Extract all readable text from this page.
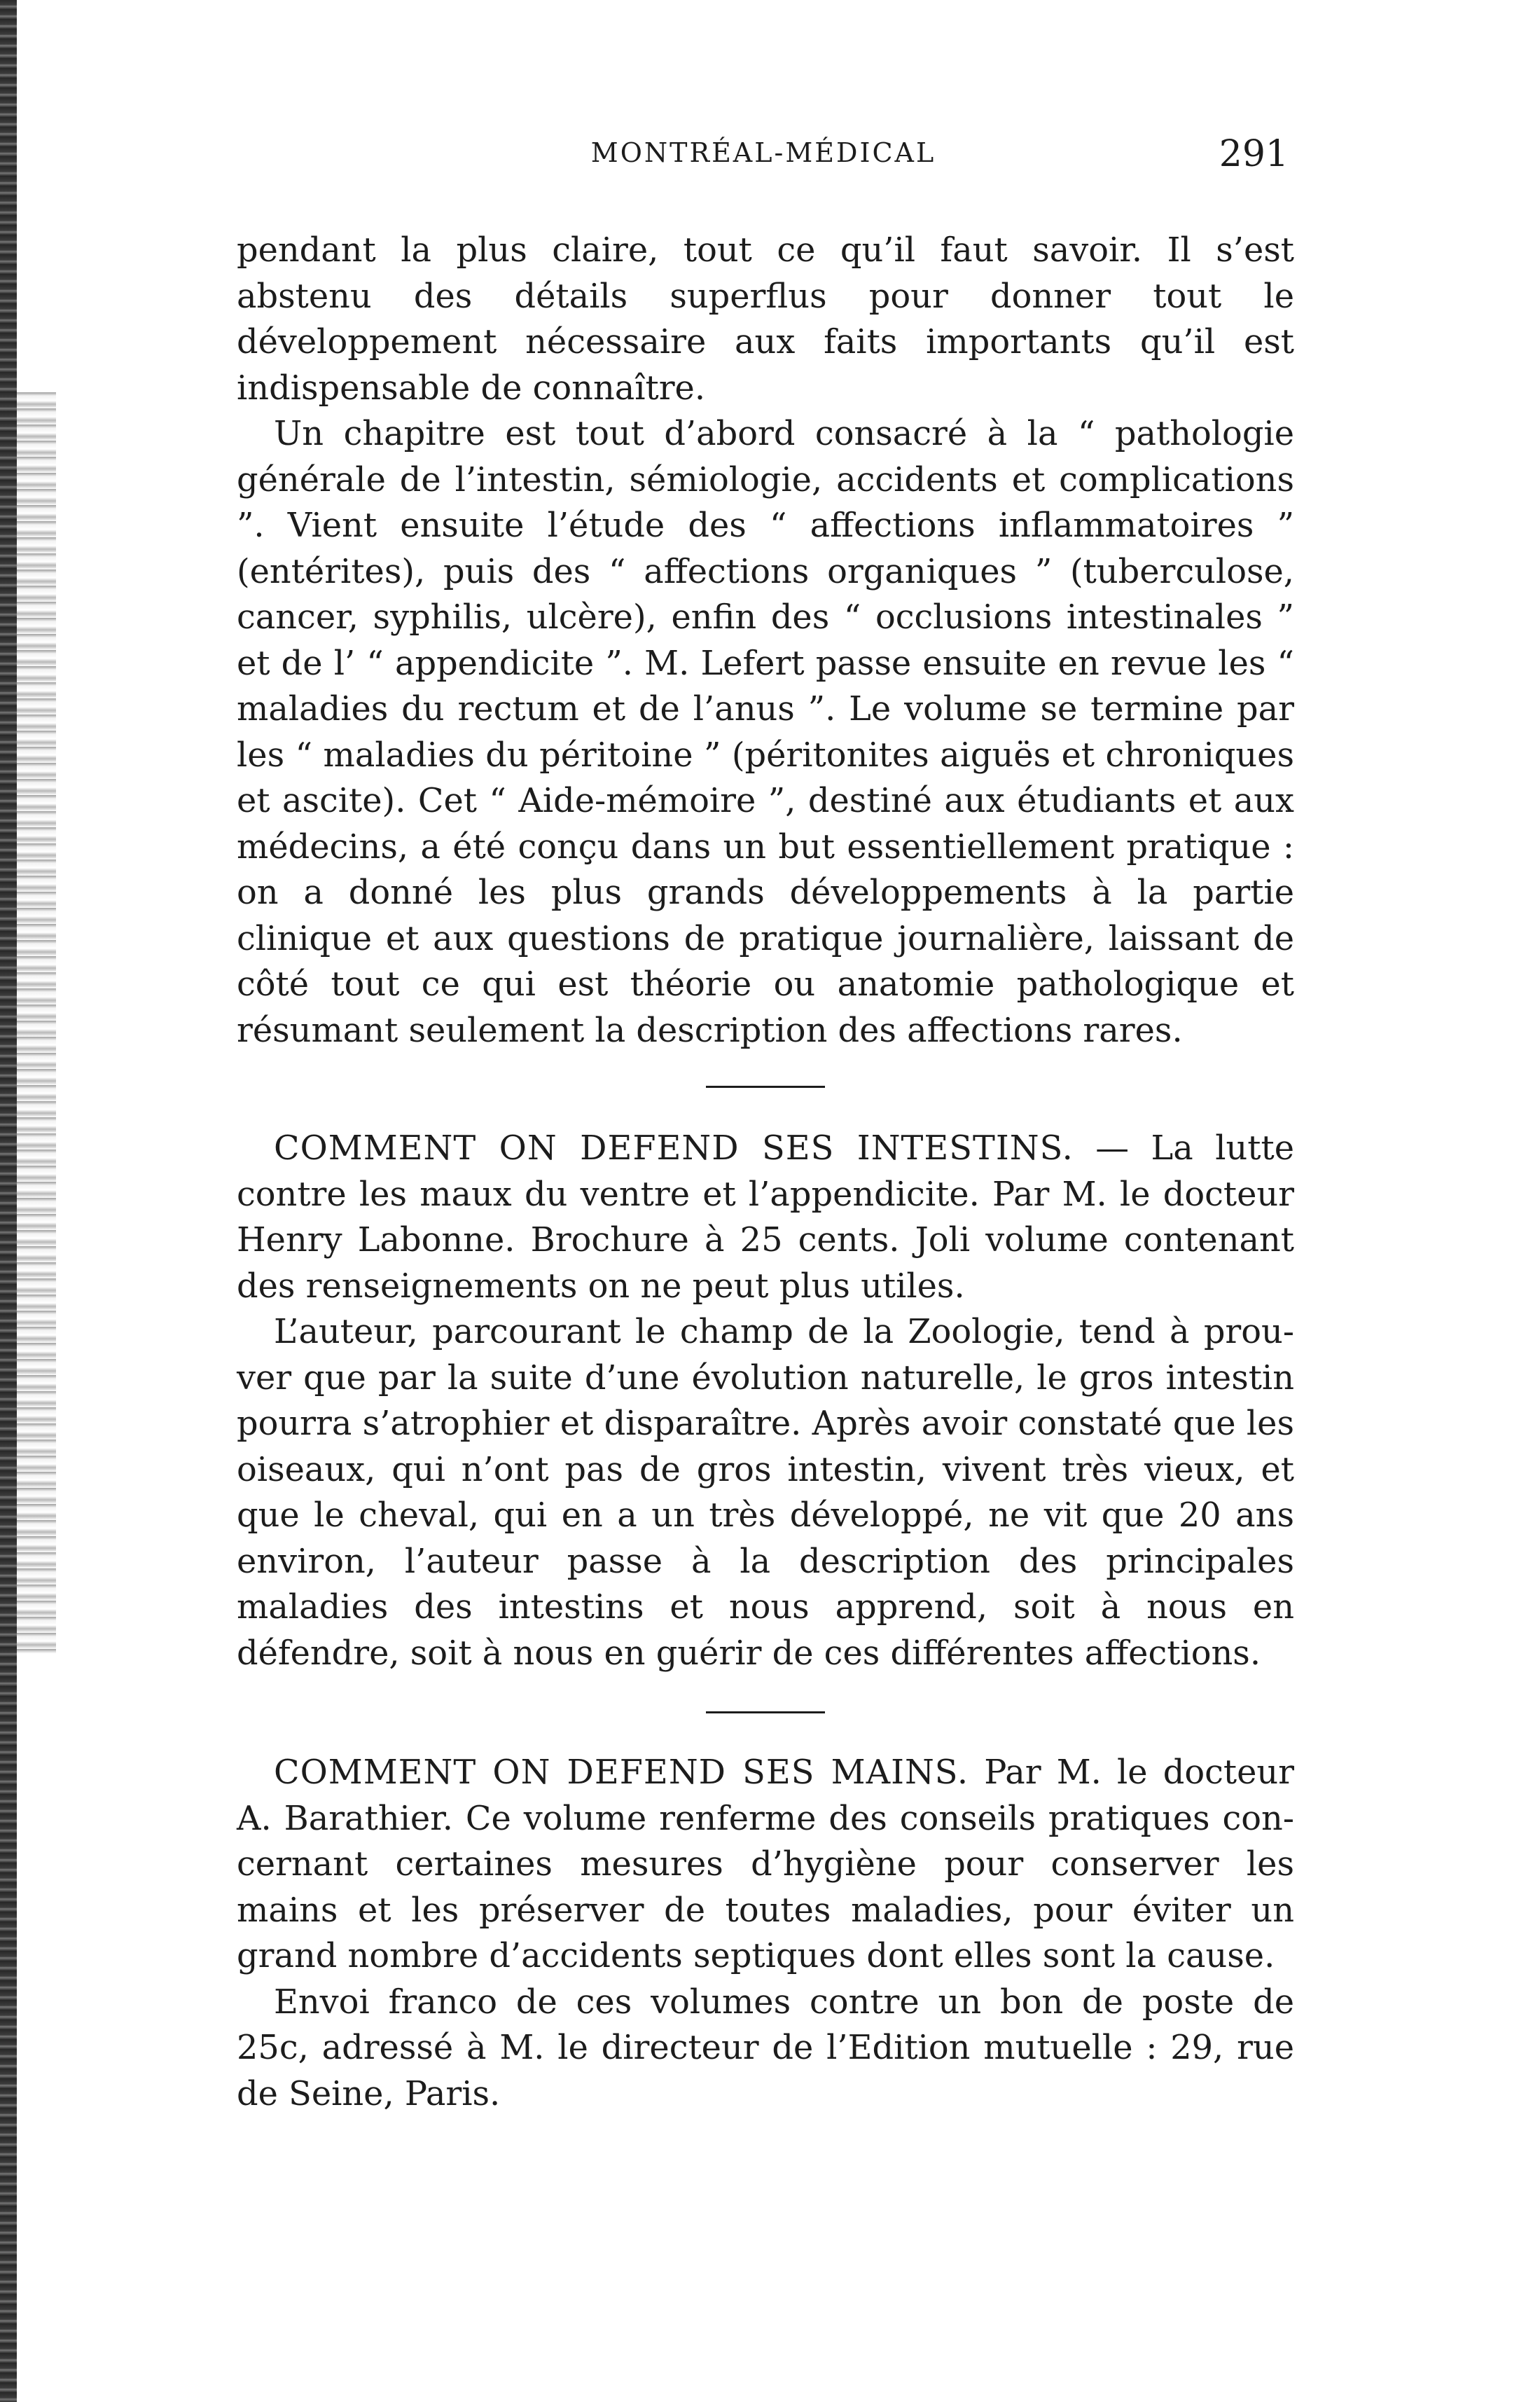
MONTRÉAL-MÉDICAL	291

pendant la plus claire, tout ce qu’il faut savoir. Il s’est abstenu des détails superflus pour donner tout le développement nécessaire aux faits importants qu’il est indispensable de connaître.

Un chapitre est tout d’abord consacré à la “ pathologie générale de l’intestin, sémiologie, accidents et complications ”. Vient ensuite l’étude des “ affections inflammatoires ” (entérites), puis des “ affections organiques ” (tuberculose, cancer, syphilis, ulcère), enfin des “ occlusions intestinales ” et de l’ “ appendicite ”. M. Lefert passe ensuite en revue les “ maladies du rectum et de l’anus ”. Le volume se termine par les “ maladies du péritoine ” (péritonites aiguës et chroniques et ascite). Cet “ Aide-mémoire ”, destiné aux étudiants et aux médecins, a été conçu dans un but essentiellement pratique : on a donné les plus grands développements à la partie clinique et aux questions de pratique journalière, laissant de côté tout ce qui est théorie ou anatomie pathologique et résumant seulement la description des affections rares.

COMMENT ON DEFEND SES INTESTINS. — La lutte contre les maux du ventre et l’appendicite. Par M. le docteur Henry Labonne. Brochure à 25 cents. Joli volume contenant des renseignements on ne peut plus utiles.

L’auteur, parcourant le champ de la Zoologie, tend à prouver que par la suite d’une évolution naturelle, le gros intestin pourra s’atrophier et disparaître. Après avoir constaté que les oiseaux, qui n’ont pas de gros intestin, vivent très vieux, et que le cheval, qui en a un très développé, ne vit que 20 ans environ, l’auteur passe à la description des principales maladies des intestins et nous apprend, soit à nous en défendre, soit à nous en guérir de ces différentes affections.

COMMENT ON DEFEND SES MAINS. Par M. le docteur A. Barathier. Ce volume renferme des conseils pratiques concernant certaines mesures d’hygiène pour conserver les mains et les préserver de toutes maladies, pour éviter un grand nombre d’accidents septiques dont elles sont la cause.

Envoi franco de ces volumes contre un bon de poste de 25c, adressé à M. le directeur de l’Edition mutuelle : 29, rue de Seine, Paris.
